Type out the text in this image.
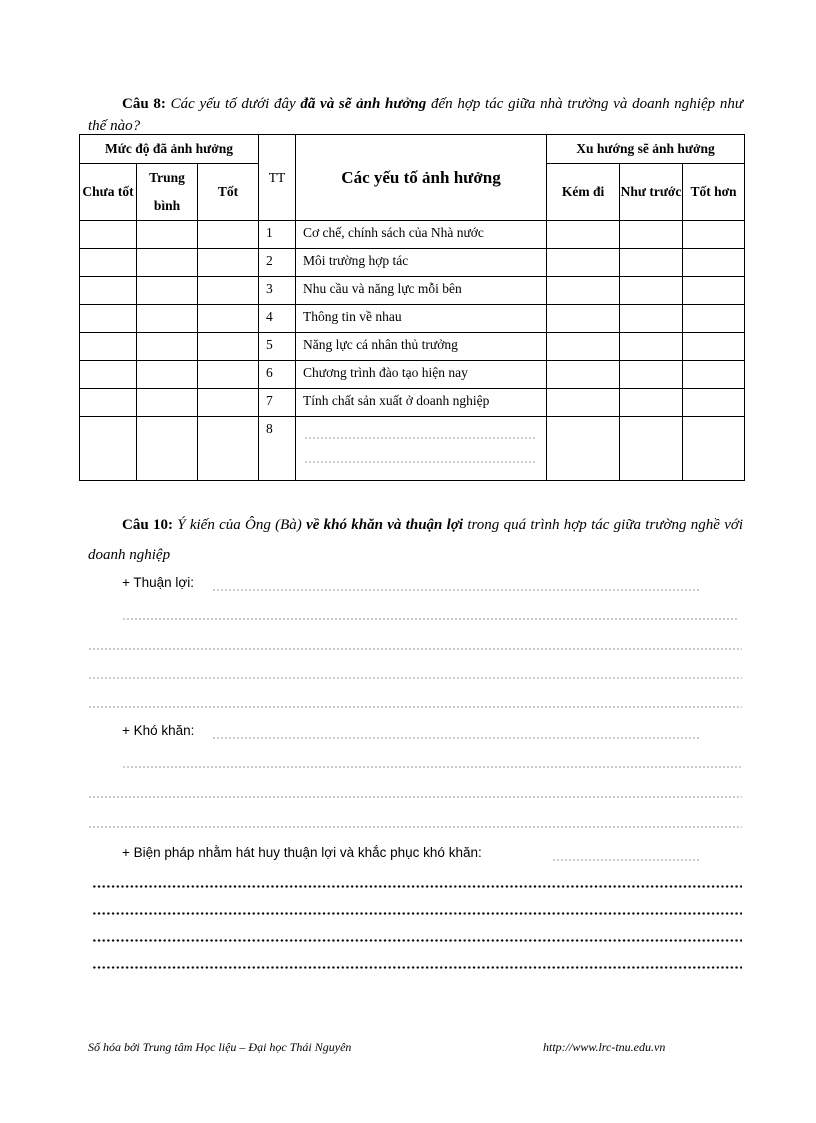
Câu 8: Các yếu tố dưới đây đã và sẽ ảnh hưởng đến hợp tác giữa nhà trường và doanh nghiệp như thế nào?
Mức độ đã ảnh hưởng			TT	Các yếu tố ảnh hưởng	Xu hướng sẽ ảnh hưởng		
Chưa tốt	Trung bình	Tốt			Kém đi	Như trước	Tốt hơn
			1	Cơ chế, chính sách của Nhà nước			
			2	Môi trường hợp tác			
			3	Nhu cầu và năng lực mỗi bên			
			4	Thông tin về nhau			
			5	Năng lực cá nhân thủ trưởng			
			6	Chương trình đào tạo hiện nay			
			7	Tính chất sản xuất ở doanh nghiệp			
			8	

Câu 10: Ý kiến của Ông (Bà) về khó khăn và thuận lợi trong quá trình hợp tác giữa trường nghề với doanh nghiệp
+ Thuận lợi:
+ Khó khăn:
+ Biện pháp nhằm hát huy thuận lợi và khắc phục khó khăn:
Số hóa bởi Trung tâm Học liệu – Đại học Thái Nguyên	http://www.lrc-tnu.edu.vn
